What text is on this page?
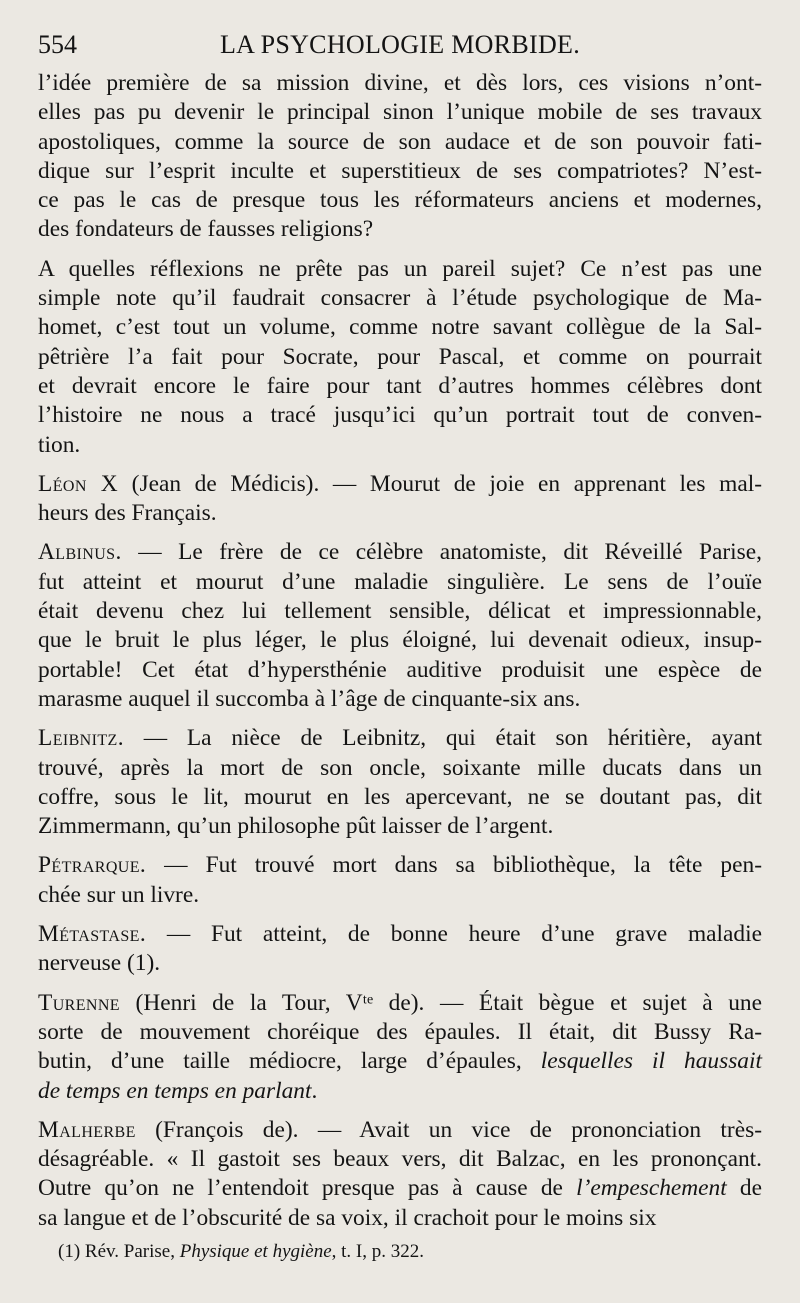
554	LA PSYCHOLOGIE MORBIDE.
l’idée première de sa mission divine, et dès lors, ces visions n’ont-
elles pas pu devenir le principal sinon l’unique mobile de ses travaux
apostoliques, comme la source de son audace et de son pouvoir fati-
dique sur l’esprit inculte et superstitieux de ses compatriotes? N’est-
ce pas le cas de presque tous les réformateurs anciens et modernes,
des fondateurs de fausses religions?
A quelles réflexions ne prête pas un pareil sujet? Ce n’est pas une
simple note qu’il faudrait consacrer à l’étude psychologique de Ma-
homet, c’est tout un volume, comme notre savant collègue de la Sal-
pêtrière l’a fait pour Socrate, pour Pascal, et comme on pourrait
et devrait encore le faire pour tant d’autres hommes célèbres dont
l’histoire ne nous a tracé jusqu’ici qu’un portrait tout de conven-
tion.
Léon X (Jean de Médicis). — Mourut de joie en apprenant les mal-
heurs des Français.
Albinus. — Le frère de ce célèbre anatomiste, dit Réveillé Parise,
fut atteint et mourut d’une maladie singulière. Le sens de l’ouïe
était devenu chez lui tellement sensible, délicat et impressionnable,
que le bruit le plus léger, le plus éloigné, lui devenait odieux, insup-
portable! Cet état d’hypersthénie auditive produisit une espèce de
marasme auquel il succomba à l’âge de cinquante-six ans.
Leibnitz. — La nièce de Leibnitz, qui était son héritière, ayant
trouvé, après la mort de son oncle, soixante mille ducats dans un
coffre, sous le lit, mourut en les apercevant, ne se doutant pas, dit
Zimmermann, qu’un philosophe pût laisser de l’argent.
Pétrarque. — Fut trouvé mort dans sa bibliothèque, la tête pen-
chée sur un livre.
Métastase. — Fut atteint, de bonne heure d’une grave maladie
nerveuse (1).
Turenne (Henri de la Tour, Vᵗᵉ de). — Était bègue et sujet à une
sorte de mouvement choréique des épaules. Il était, dit Bussy Ra-
butin, d’une taille médiocre, large d’épaules, lesquelles il haussait
de temps en temps en parlant.
Malherbe (François de). — Avait un vice de prononciation très-
désagréable. « Il gastoit ses beaux vers, dit Balzac, en les prononçant.
Outre qu’on ne l’entendoit presque pas à cause de l’empeschement de
sa langue et de l’obscurité de sa voix, il crachoit pour le moins six
(1) Rév. Parise, Physique et hygiène, t. I, p. 322.
